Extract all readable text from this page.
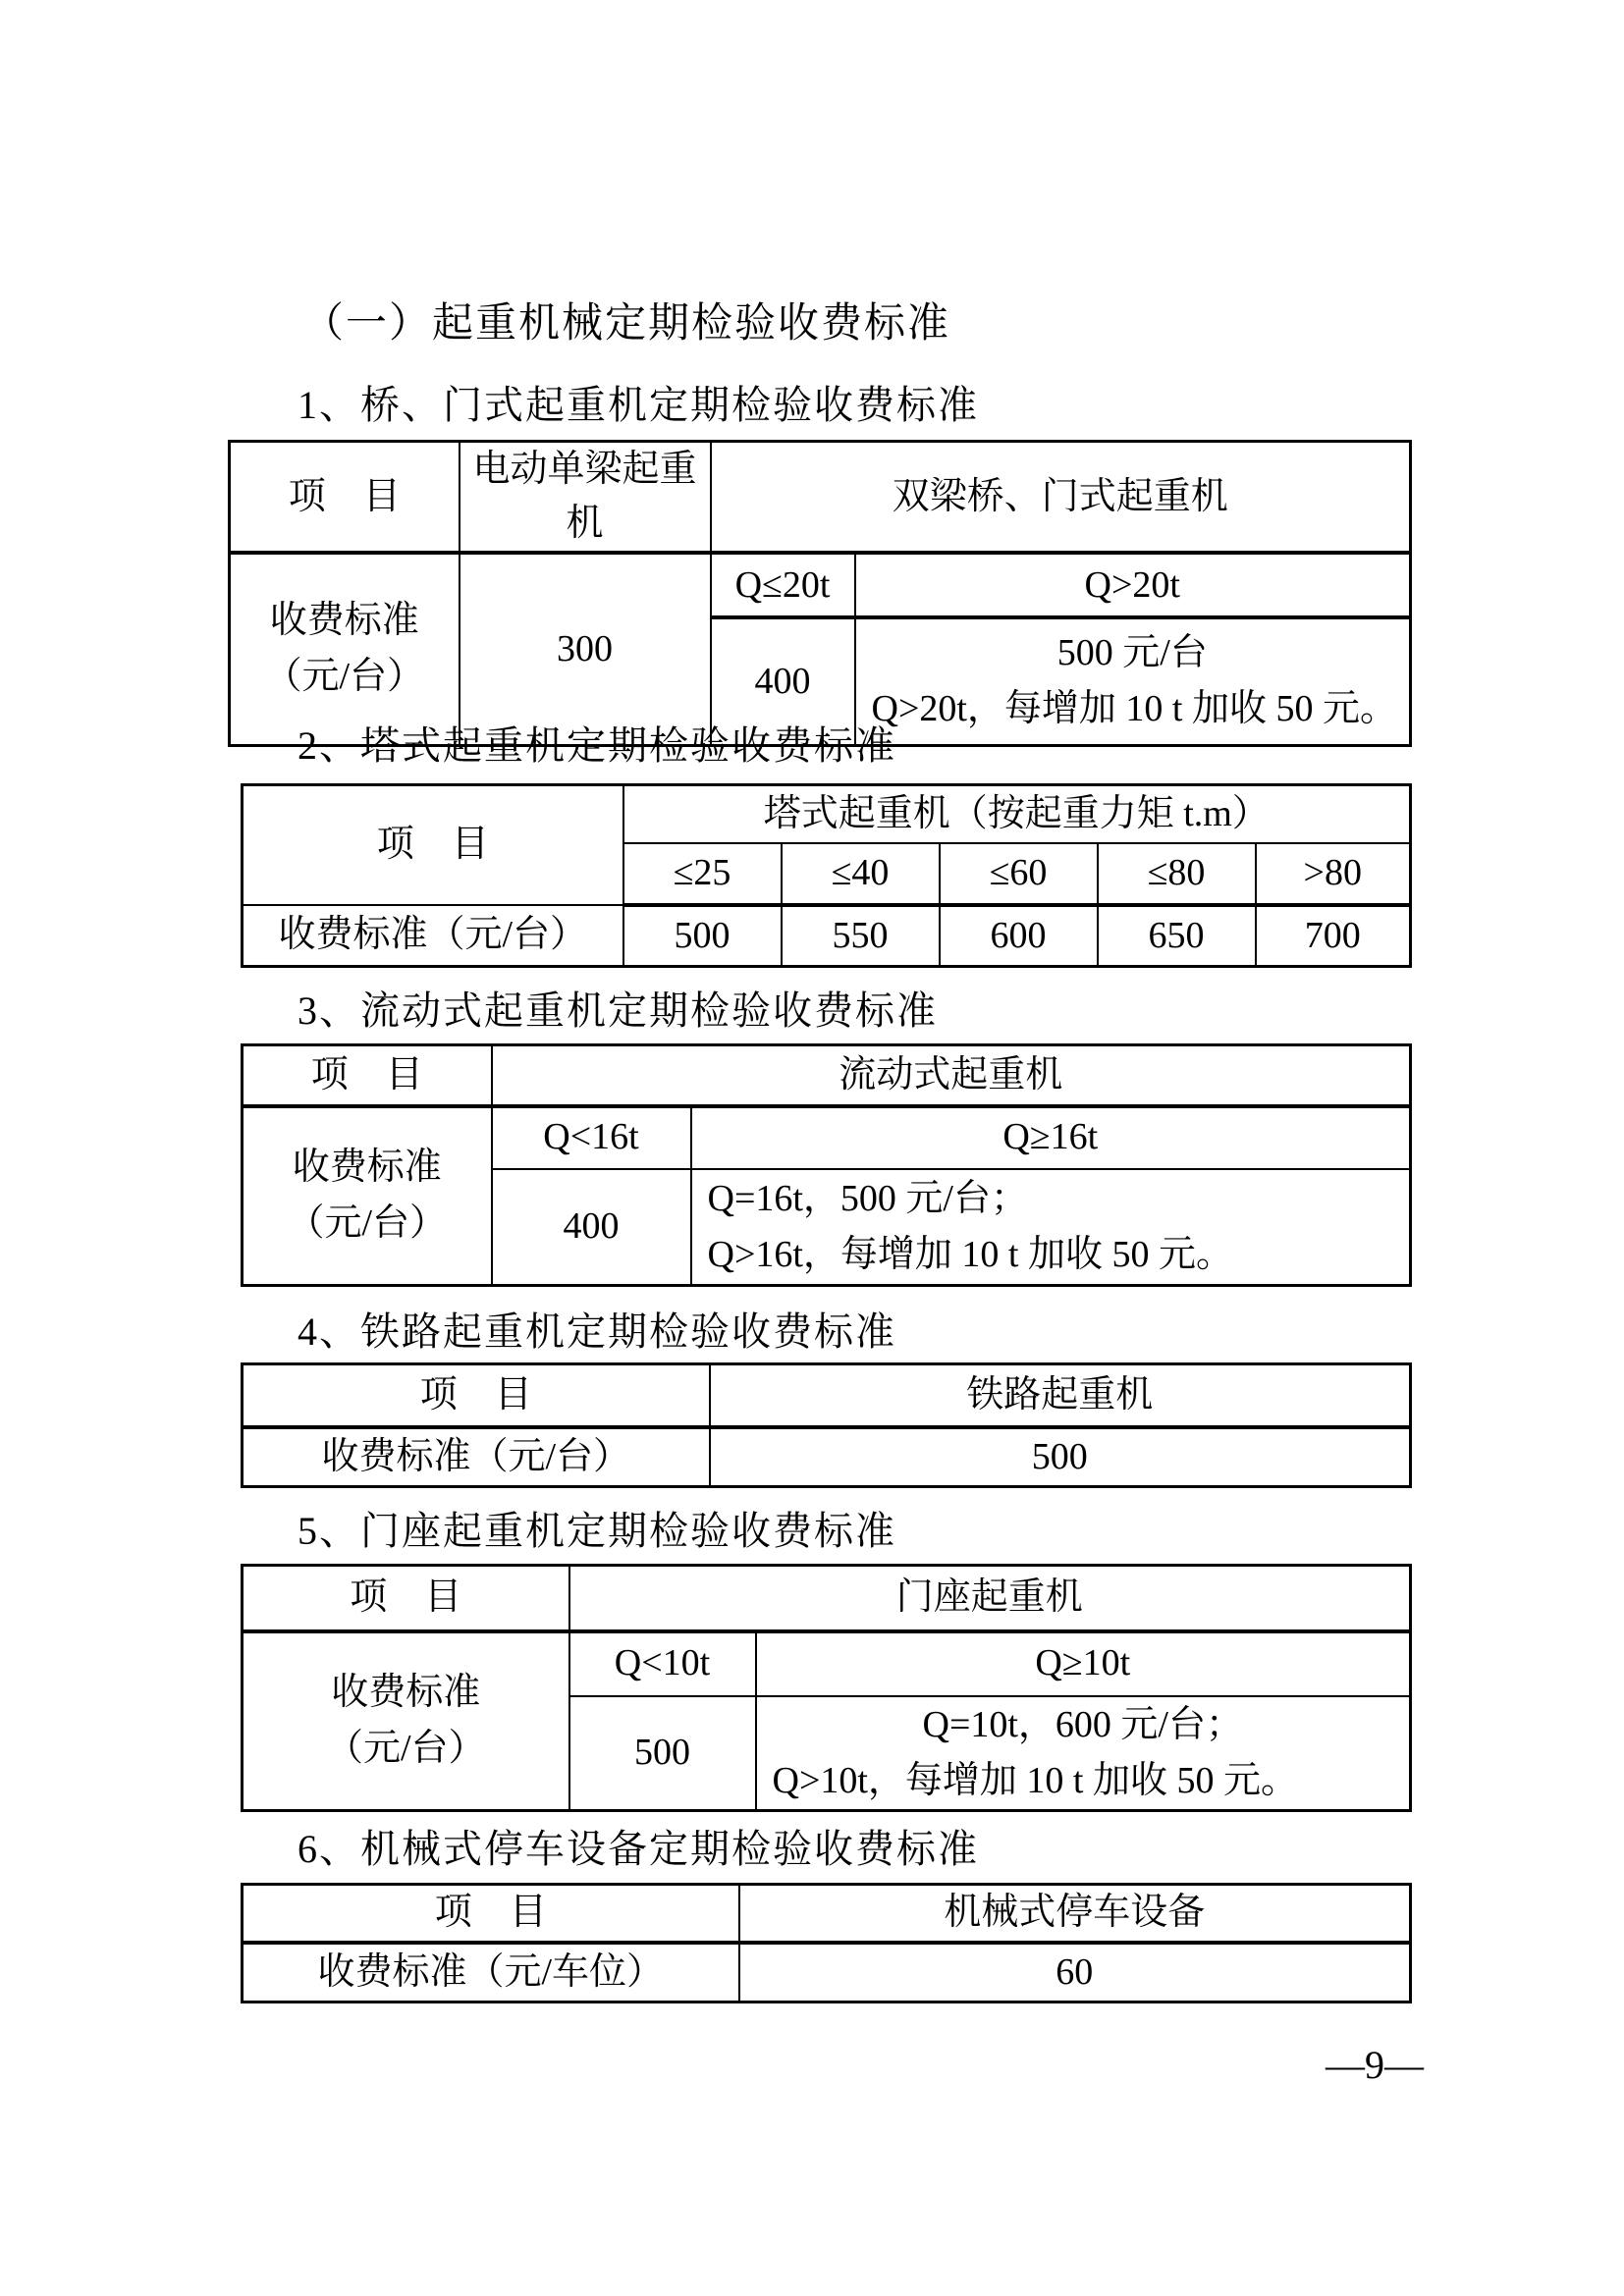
（一）起重机械定期检验收费标准
1、桥、门式起重机定期检验收费标准
项　目	电动单梁起重机	双梁桥、门式起重机	

收费标准
（元/台）	300	Q≤20t	Q>20t
		400	500 元/台
Q>20t，每增加 10 t 加收 50 元。
2、塔式起重机定期检验收费标准
项　目	塔式起重机（按起重力矩 t.m）				
	≤25	≤40	≤60	≤80	>80
收费标准（元/台）	500	550	600	650	700
3、流动式起重机定期检验收费标准
项　目	流动式起重机	

收费标准
（元/台）	Q<16t	Q≥16t
	400	Q=16t，500 元/台；
Q>16t，每增加 10 t 加收 50 元。
4、铁路起重机定期检验收费标准
项　目	铁路起重机
收费标准（元/台）	500
5、门座起重机定期检验收费标准
项　目	门座起重机	

收费标准
（元/台）	Q<10t	Q≥10t
	500	Q=10t，600 元/台；
Q>10t，每增加 10 t 加收 50 元。
6、机械式停车设备定期检验收费标准
项　目	机械式停车设备
收费标准（元/车位）	60
—9—
